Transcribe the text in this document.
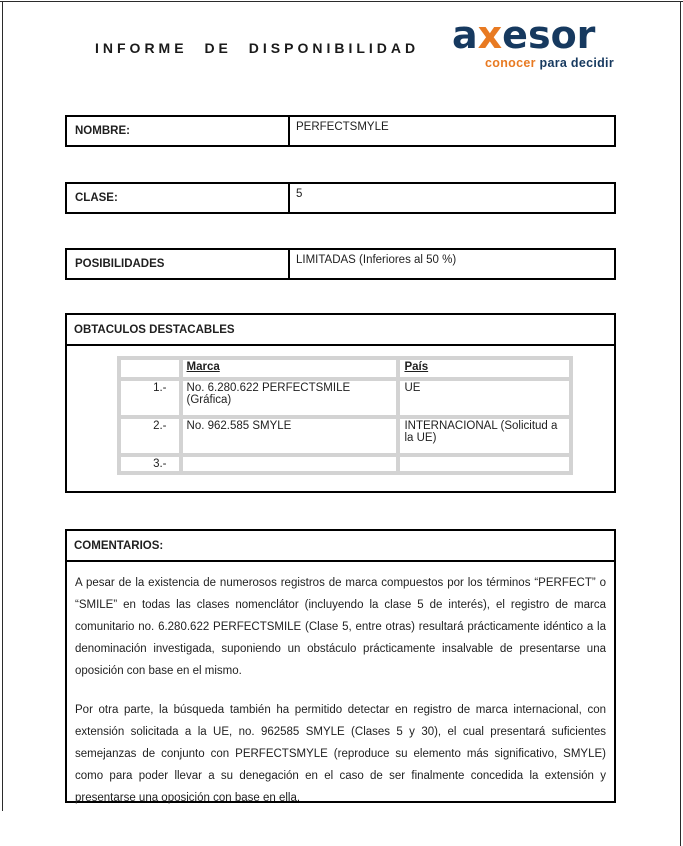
INFORME DE DISPONIBILIDAD axesor
conocer para decidir
NOMBRE:	PERFECTSMYLE
CLASE:	5
POSIBILIDADES	LIMITADAS (Inferiores al 50 %)
OBTACULOS DESTACABLES
	Marca	País
1.-	No. 6.280.622 PERFECTSMILE (Gráfica)	UE
2.-	No. 962.585 SMYLE	INTERNACIONAL (Solicitud a la UE)
3.-		
COMENTARIOS:

A pesar de la existencia de numerosos registros de marca compuestos por los términos “PERFECT” o “SMILE” en todas las clases nomenclátor (incluyendo la clase 5 de interés), el registro de marca comunitario no. 6.280.622 PERFECTSMILE (Clase 5, entre otras) resultará prácticamente idéntico a la denominación investigada, suponiendo un obstáculo prácticamente insalvable de presentarse una oposición con base en el mismo.

Por otra parte, la búsqueda también ha permitido detectar en registro de marca internacional, con extensión solicitada a la UE, no. 962585 SMYLE (Clases 5 y 30), el cual presentará suficientes semejanzas de conjunto con PERFECTSMYLE (reproduce su elemento más significativo, SMYLE) como para poder llevar a su denegación en el caso de ser finalmente concedida la extensión y presentarse una oposición con base en ella.
